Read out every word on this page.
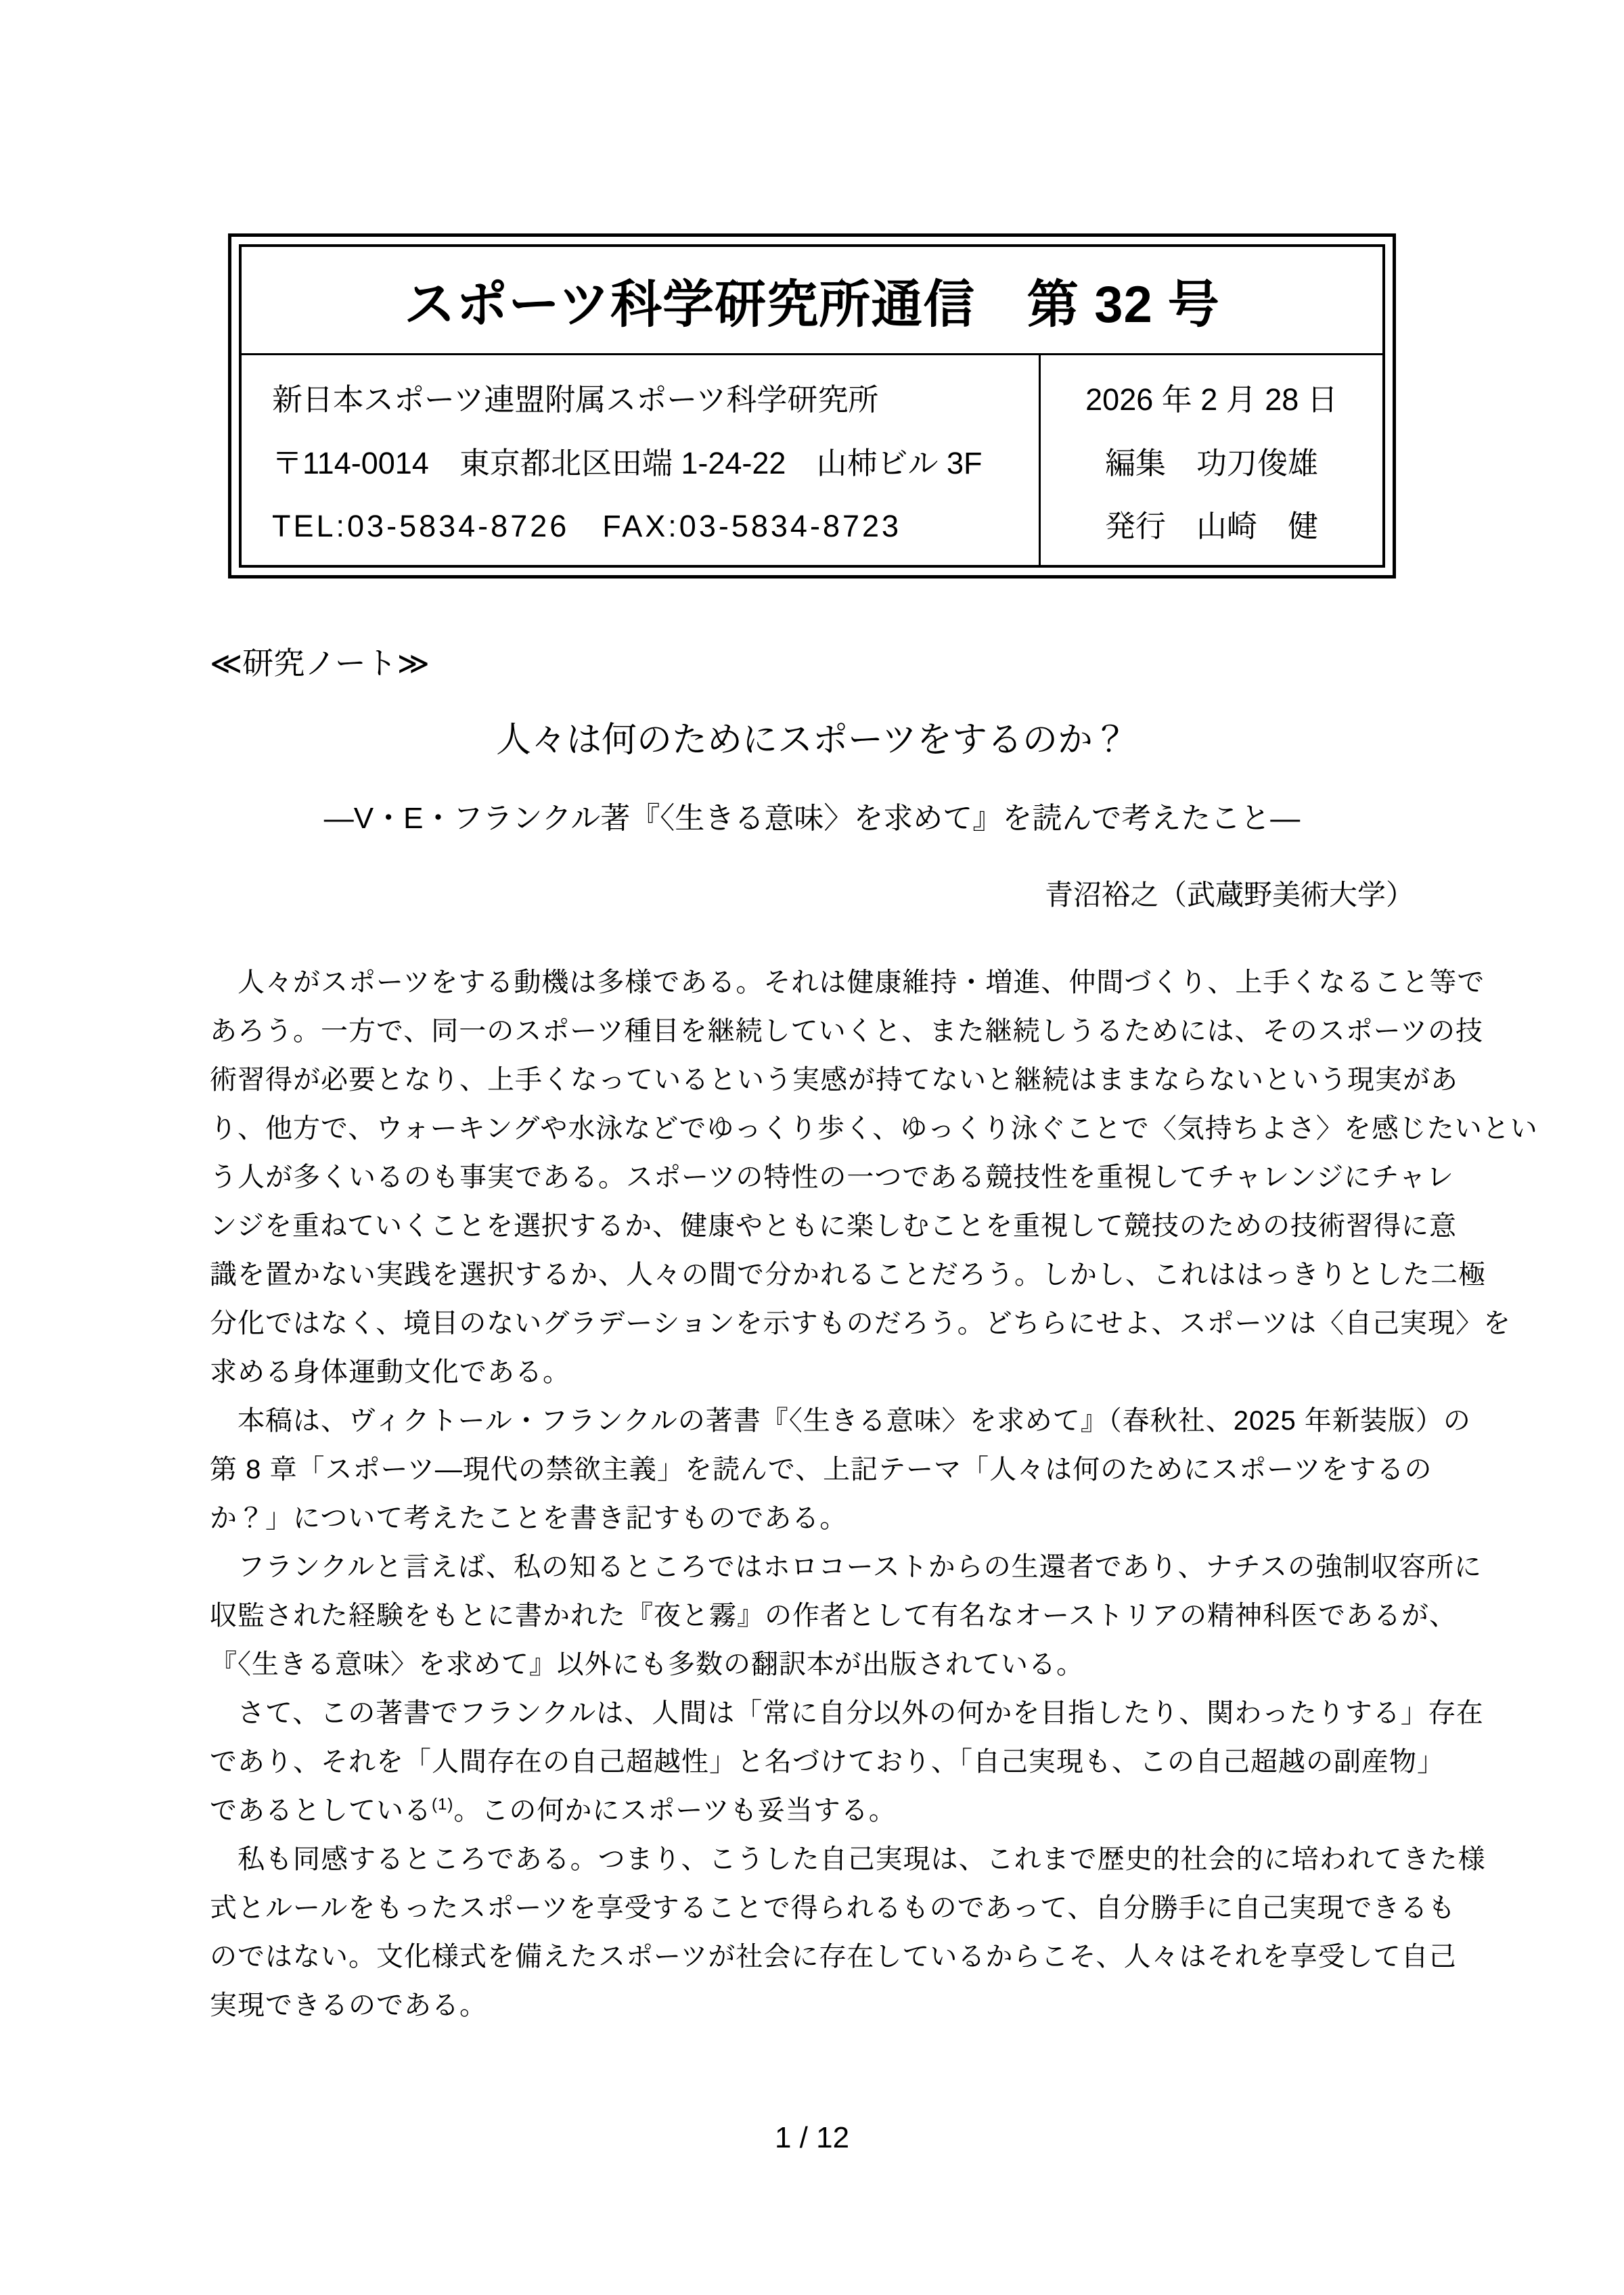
スポーツ科学研究所通信　第 32 号
新日本スポーツ連盟附属スポーツ科学研究所
〒114-0014　東京都北区田端 1-24-22　山柿ビル 3F
TEL:03-5834-8726　FAX:03-5834-8723
2026 年 2 月 28 日
編集　功刀俊雄
発行　山崎　健
≪研究ノート≫
人々は何のためにスポーツをするのか？
―V・E・フランクル著『〈生きる意味〉を求めて』を読んで考えたこと―
青沼裕之（武蔵野美術大学）
　人々がスポーツをする動機は多様である。それは健康維持・増進、仲間づくり、上手くなること等で
あろう。一方で、同一のスポーツ種目を継続していくと、また継続しうるためには、そのスポーツの技
術習得が必要となり、上手くなっているという実感が持てないと継続はままならないという現実があ
り、他方で、ウォーキングや水泳などでゆっくり歩く、ゆっくり泳ぐことで〈気持ちよさ〉を感じたいとい
う人が多くいるのも事実である。スポーツの特性の一つである競技性を重視してチャレンジにチャレ
ンジを重ねていくことを選択するか、健康やともに楽しむことを重視して競技のための技術習得に意
識を置かない実践を選択するか、人々の間で分かれることだろう。しかし、これははっきりとした二極
分化ではなく、境目のないグラデーションを示すものだろう。どちらにせよ、スポーツは〈自己実現〉を
求める身体運動文化である。
　本稿は、ヴィクトール・フランクルの著書『〈生きる意味〉を求めて』（春秋社、2025 年新装版）の
第 8 章「スポーツ―現代の禁欲主義」を読んで、上記テーマ「人々は何のためにスポーツをするの
か？」について考えたことを書き記すものである。
　フランクルと言えば、私の知るところではホロコーストからの生還者であり、ナチスの強制収容所に
収監された経験をもとに書かれた『夜と霧』の作者として有名なオーストリアの精神科医であるが、
『〈生きる意味〉を求めて』以外にも多数の翻訳本が出版されている。
　さて、この著書でフランクルは、人間は「常に自分以外の何かを目指したり、関わったりする」存在
であり、それを「人間存在の自己超越性」と名づけており、「自己実現も、この自己超越の副産物」
であるとしている$^{(1)}$。この何かにスポーツも妥当する。
　私も同感するところである。つまり、こうした自己実現は、これまで歴史的社会的に培われてきた様
式とルールをもったスポーツを享受することで得られるものであって、自分勝手に自己実現できるも
のではない。文化様式を備えたスポーツが社会に存在しているからこそ、人々はそれを享受して自己
実現できるのである。
1 / 12
